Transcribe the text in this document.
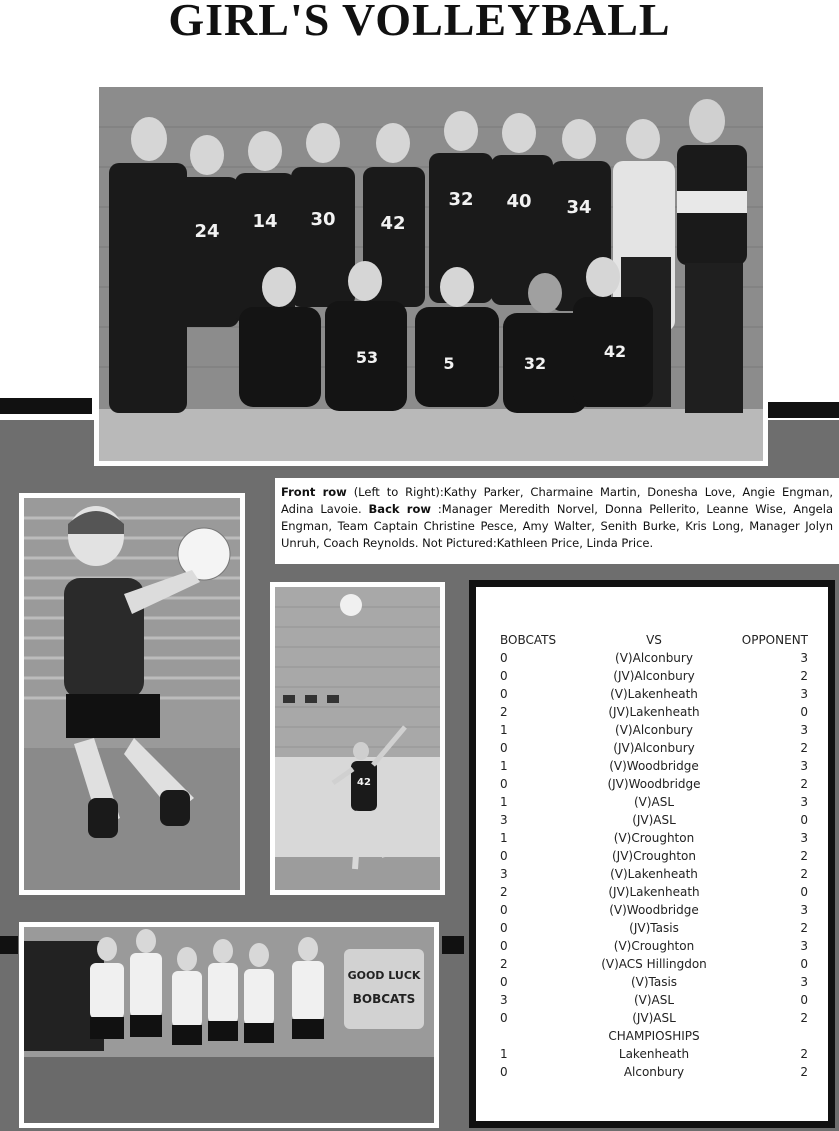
GIRL'S VOLLEYBALL
24 14 30 42
32 40 34
53	5	32
42
Front row (Left to Right):Kathy Parker, Charmaine Martin, Donesha Love, Angie Engman, Adina Lavoie. Back row :Manager Meredith Norvel, Donna Pellerito, Leanne Wise, Angela Engman, Team Captain Christine Pesce, Amy Walter, Senith Burke, Kris Long, Manager Jolyn Unruh, Coach Reynolds. Not Pictured:Kathleen Price, Linda Price.
42
GOOD LUCK
BOBCATS
BOBCATS	VS	OPPONENT
0	(V)Alconbury	3
0	(JV)Alconbury	2
0	(V)Lakenheath	3
2	(JV)Lakenheath	0
1	(V)Alconbury	3
0	(JV)Alconbury	2
1	(V)Woodbridge	3
0	(JV)Woodbridge	2
1	(V)ASL	3
3	(JV)ASL	0
1	(V)Croughton	3
0	(JV)Croughton	2
3	(V)Lakenheath	2
2	(JV)Lakenheath	0
0	(V)Woodbridge	3
0	(JV)Tasis	2
0	(V)Croughton	3
2	(V)ACS Hillingdon	0
0	(V)Tasis	3
3	(V)ASL	0
0	(JV)ASL	2
CHAMPIOSHIPS
1	Lakenheath	2
0	Alconbury	2
